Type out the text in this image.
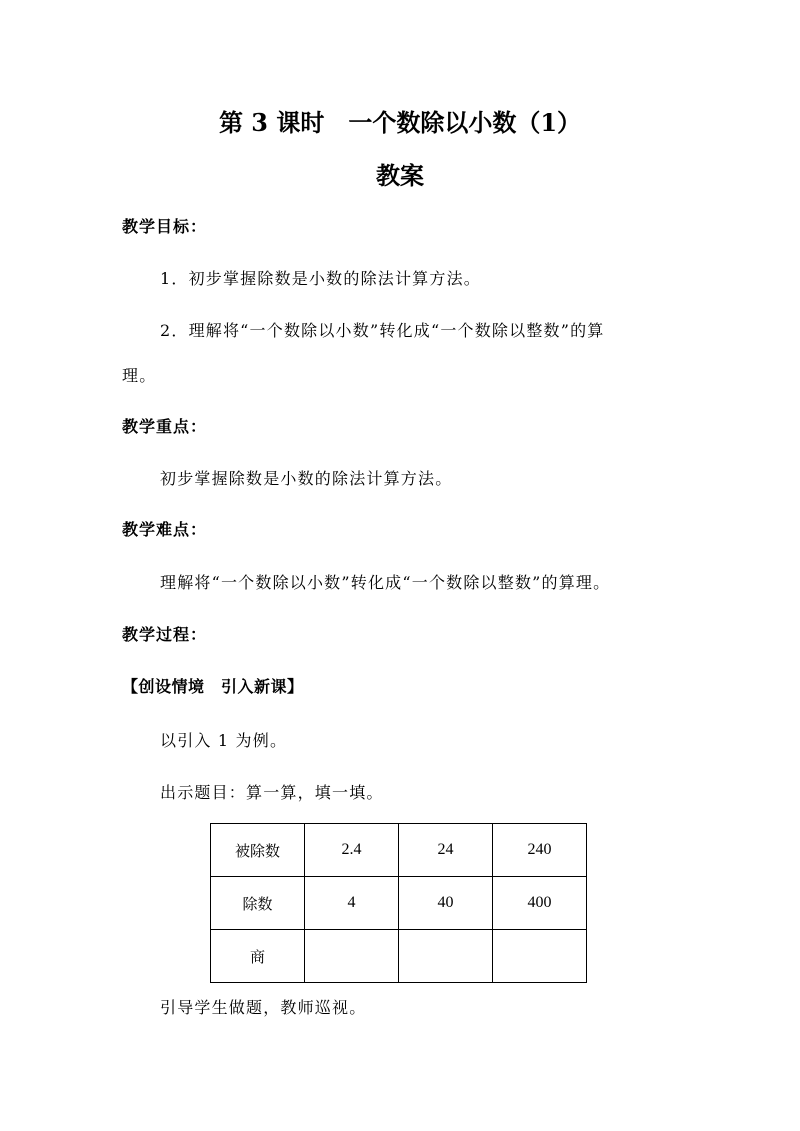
第 3 课时　一个数除以小数（1）
教案
教学目标：
1．初步掌握除数是小数的除法计算方法。
2．理解将“一个数除以小数”转化成“一个数除以整数”的算
理。
教学重点：
初步掌握除数是小数的除法计算方法。
教学难点：
理解将“一个数除以小数”转化成“一个数除以整数”的算理。
教学过程：
【创设情境　引入新课】
以引入 1 为例。
出示题目：算一算，填一填。
被除数	2.4	24	240
除数	4	40	400
商			
引导学生做题，教师巡视。
